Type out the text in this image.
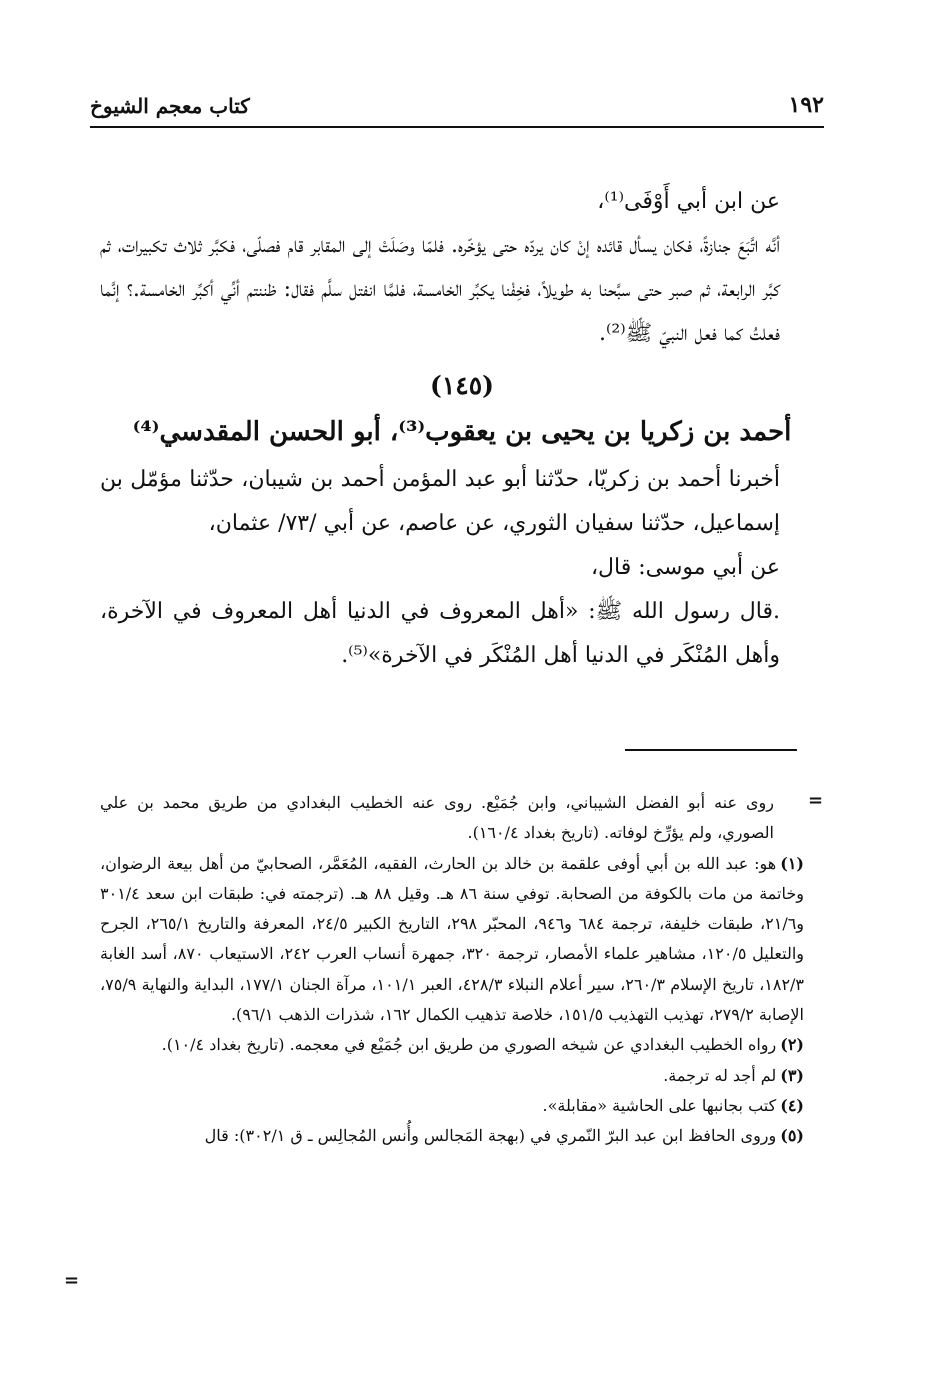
١٩٢
كتاب معجم الشيوخ

عن ابن أبي أَوْفَى⁽¹⁾،

أنَّه اتَّبَعَ جنازةً، فكان يسأل قائده إنْ كان يردّه حتى يؤخّره. فلمّا وصَلَتْ إلى المقابر قام فصلّى، فكبَّر ثلاث تكبيرات، ثم كبَّر الرابعة، ثم صبر حتى سبَّحنا به طويلاً، فخِفْنا يكبِّر الخامسة، فلمَّا انفتل سلَّم فقال: ظننتم أنِّي أكبِّر الخامسة.؟ إنَّما فعلتُ كما فعل النبيّ ﷺ⁽²⁾.

(١٤٥)

أحمد بن زكريا بن يحيى بن يعقوب⁽³⁾، أبو الحسن المقدسي⁽⁴⁾

أخبرنا أحمد بن زكريّا، حدّثنا أبو عبد المؤمن أحمد بن شيبان، حدّثنا مؤمّل بن إسماعيل، حدّثنا سفيان الثوري، عن عاصم، عن أبي /٧٣/ عثمان،

عن أبي موسى: قال،

.قال رسول الله ﷺ: «أهل المعروف في الدنيا أهل المعروف في الآخرة، وأهل المُنْكَر في الدنيا أهل المُنْكَر في الآخرة»⁽⁵⁾.

=
=

روى عنه أبو الفضل الشيباني، وابن جُمَيْع. روى عنه الخطيب البغدادي من طريق محمد بن علي الصوري، ولم يؤرِّخ لوفاته. (تاريخ بغداد ١٦٠/٤).

(١)هو: عبد الله بن أبي أوفى علقمة بن خالد بن الحارث، الفقيه، المُعَمَّر، الصحابيّ من أهل بيعة الرضوان، وخاتمة من مات بالكوفة من الصحابة. توفي سنة ٨٦ هـ. وقيل ٨٨ هـ. (ترجمته في: طبقات ابن سعد ٣٠١/٤ و٢١/٦، طبقات خليفة، ترجمة ٦٨٤ و٩٤٦، المحبّر ٢٩٨، التاريخ الكبير ٢٤/٥، المعرفة والتاريخ ٢٦٥/١، الجرح والتعليل ١٢٠/٥، مشاهير علماء الأمصار، ترجمة ٣٢٠، جمهرة أنساب العرب ٢٤٢، الاستيعاب ٨٧٠، أسد الغابة ١٨٢/٣، تاريخ الإسلام ٢٦٠/٣، سير أعلام النبلاء ٤٢٨/٣، العبر ١٠١/١، مرآة الجنان ١٧٧/١، البداية والنهاية ٧٥/٩، الإصابة ٢٧٩/٢، تهذيب التهذيب ١٥١/٥، خلاصة تذهيب الكمال ١٦٢، شذرات الذهب ٩٦/١).

(٢)رواه الخطيب البغدادي عن شيخه الصوري من طريق ابن جُمَيْع في معجمه. (تاريخ بغداد ١٠/٤).

(٣)لم أجد له ترجمة.

(٤)كتب بجانبها على الحاشية «مقابلة».

(٥)وروى الحافظ ابن عبد البرّ النّمري في (بهجة المَجالس وأُنس المُجالِس ـ ق ٣٠٢/١): قال
